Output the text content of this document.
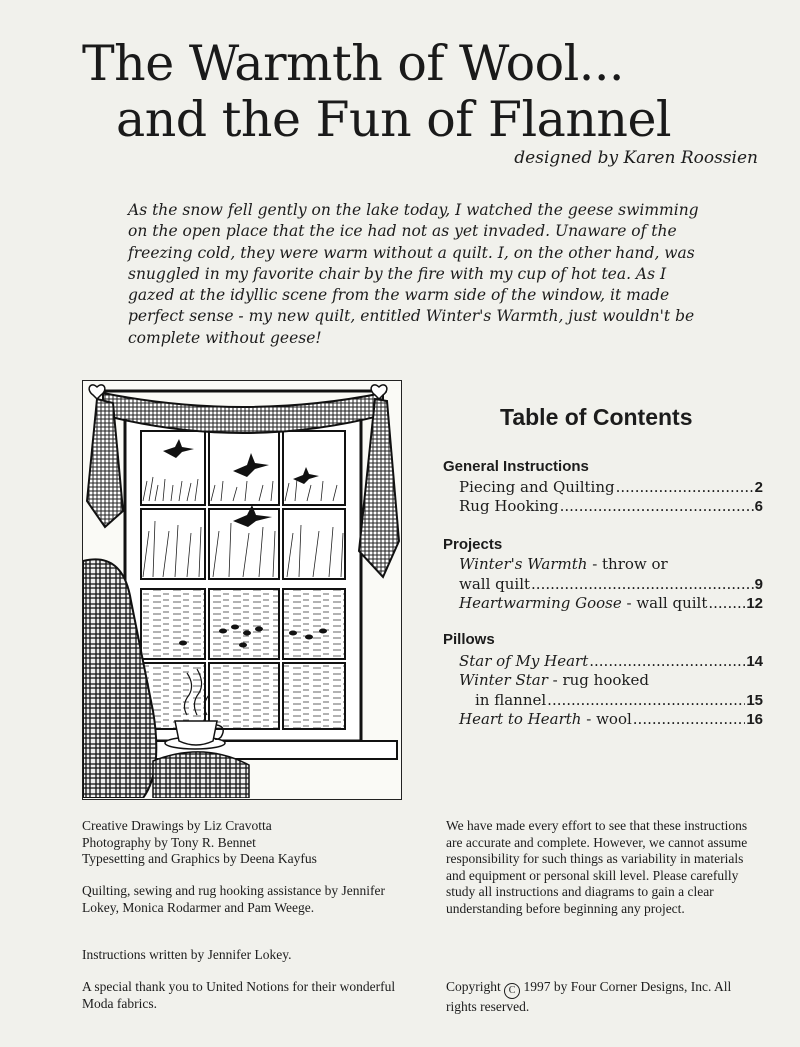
The Warmth of Wool...
and the Fun of Flannel
designed by Karen Roossien

As the snow fell gently on the lake today, I watched the geese swimming on the open place that the ice had not as yet invaded. Unaware of the freezing cold, they were warm without a quilt. I, on the other hand, was snuggled in my favorite chair by the fire with my cup of hot tea. As I gazed at the idyllic scene from the warm side of the window, it made perfect sense - my new quilt, entitled Winter's Warmth, just wouldn't be complete without geese!

Table of Contents
General Instructions
Piecing and Quilting .....	2
Rug Hooking .....	6
Projects
Winter's Warmth - throw or
wall quilt .....	9
Heartwarming Goose - wall quilt .....	12
Pillows
Star of My Heart .....	14
Winter Star - rug hooked
in flannel .....	15
Heart to Hearth - wool .....	16
Creative Drawings by Liz Cravotta
Photography by Tony R. Bennet
Typesetting and Graphics by Deena Kayfus
Quilting, sewing and rug hooking assistance by Jennifer Lokey, Monica Rodarmer and Pam Weege.
Instructions written by Jennifer Lokey.
A special thank you to United Notions for their wonderful Moda fabrics.
We have made every effort to see that these instructions are accurate and complete. However, we cannot assume responsibility for such things as variability in materials and equipment or personal skill level. Please carefully study all instructions and diagrams to gain a clear understanding before beginning any project.
Copyright C 1997 by Four Corner Designs, Inc. All rights reserved.
